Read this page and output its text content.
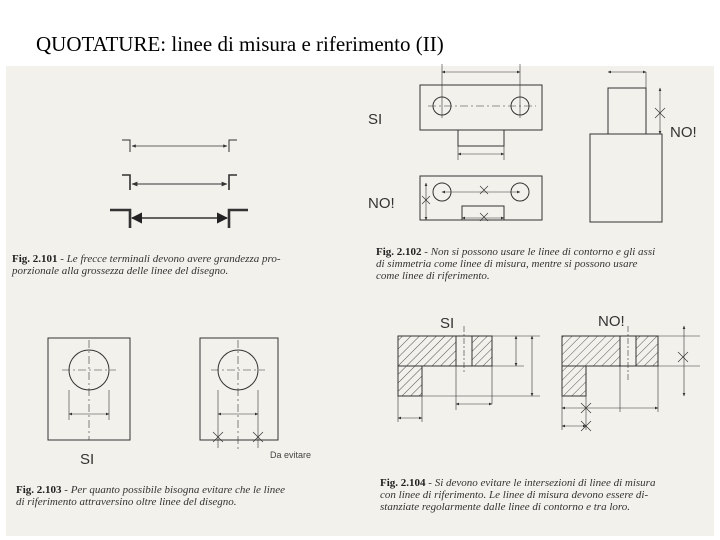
QUOTATURE: linee di misura e riferimento (II)
Fig. 2.101 - Le frecce terminali devono avere grandezza pro-
porzionale alla grossezza delle linee del disegno.
SI
NO!
NO!
Fig. 2.102 - Non si possono usare le linee di contorno e gli assi
di simmetria come linee di misura, mentre si possono usare
come linee di riferimento.
SI	Da evitare
Fig. 2.103 - Per quanto possibile bisogna evitare che le linee
di riferimento attraversino oltre linee del disegno.
SI	NO!
Fig. 2.104 - Si devono evitare le intersezioni di linee di misura
con linee di riferimento. Le linee di misura devono essere di-
stanziate regolarmente dalle linee di contorno e tra loro.
